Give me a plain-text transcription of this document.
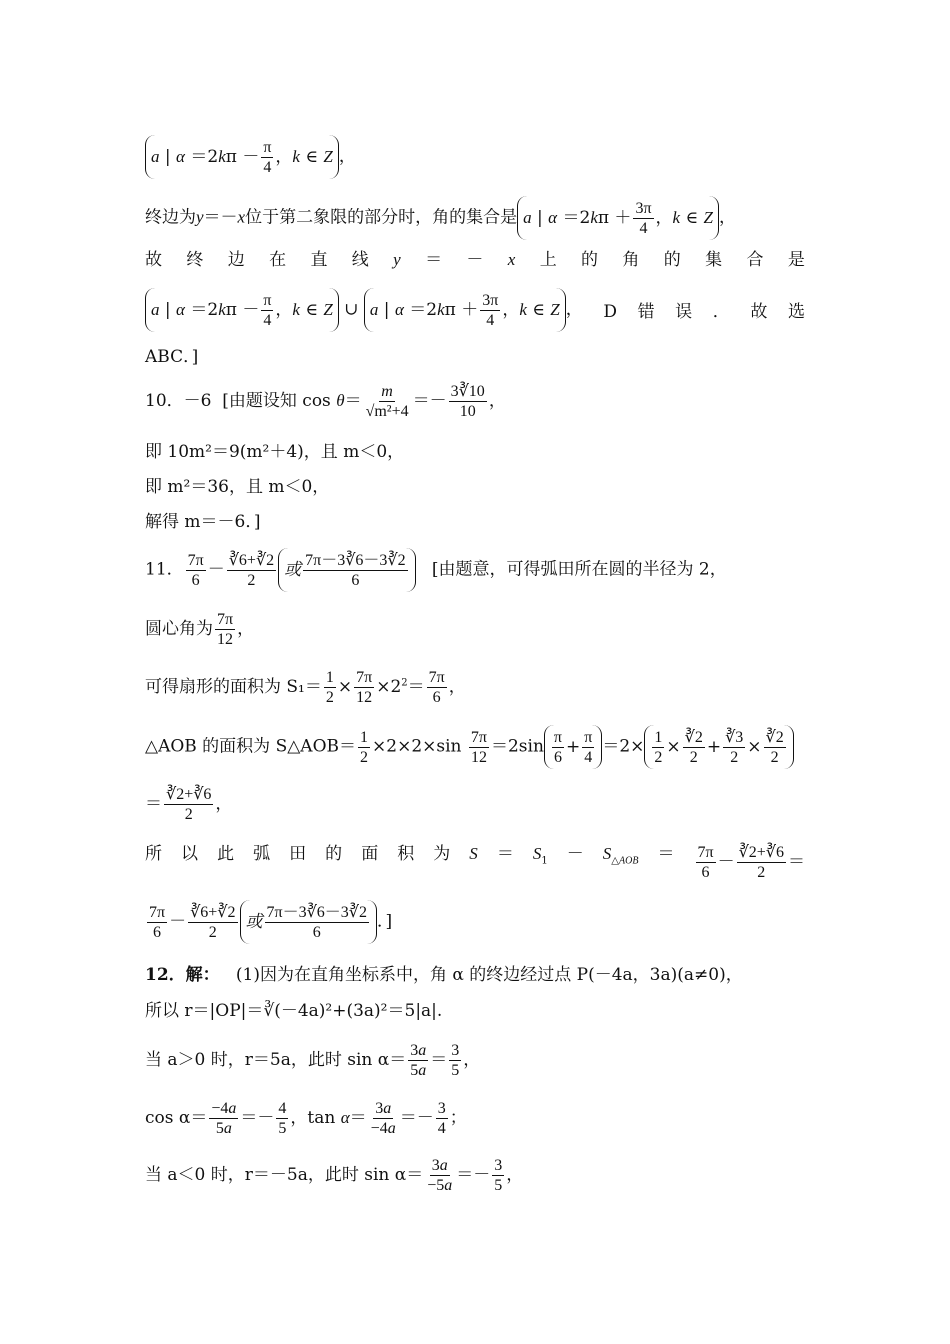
a | $\alpha =2k\pi - \frac{\pi}{4}$ ，k ∈ Z ，
终边为y＝－x位于第二象限的部分时，角的集合是 a | $\alpha =2k\pi + \frac{3\pi}{4}$ ，k ∈ Z ，
故 终 边 在 直 线 y ＝ － x 上 的 角 的 集 合 是
a | $\alpha =2k\pi - \frac{\pi}{4}$ ，k ∈ Z ∪ a | $\alpha =2k\pi + \frac{3\pi}{4}$ ，k ∈ Z ， D 错 误 ． 故 选
ABC．]
10．－6 [由题设知 $\cos \theta= \frac{m}{\text{√m²+4}} =- \frac{3∛10}{10}$ ，
即 10m²＝9(m²＋4)，且 m＜0，
即 m²＝36，且 m＜0，
解得 m＝－6．]
11． $\frac{7\pi}{6} - \frac{∛6+∛2}{2}$ 或 $\frac{7\pi-3∛6-3∛2}{6}$ [由题意，可得弧田所在圆的半径为 2，
圆心角为 $\frac{7\pi}{12}$ ，
可得扇形的面积为 $S_1= \frac{1}{2} \times \frac{7\pi}{12} \times 2^2= \frac{7\pi}{6}$ ，
△AOB 的面积为 S△AOB＝ $\frac{1}{2} \times 2\times 2\times\sin \frac{7\pi}{12} =2\sin \frac{\pi}{6} + \frac{\pi}{4} =2\times \frac{1}{2} \times \frac{∛2}{2} + \frac{∛3}{2} \times \frac{∛2}{2}$
＝ $\frac{∛2+∛6}{2}$ ，
所 以 此 弧 田 的 面 积 为 $S = S_1 - S_{\triangle AOB} = \frac{7\pi}{6} - \frac{∛2+∛6}{2}$ ＝
$\frac{7\pi}{6} - \frac{∛6+∛2}{2}$ 或 $\frac{7\pi-3∛6-3∛2}{6}$ ．]
12．解： (1)因为在直角坐标系中，角 α 的终边经过点 P(－4a，3a)(a≠0)，
所以 r＝|OP|＝∛(－4a)²+(3a)²＝5|a|.
当 a＞0 时，r＝5a，此时 $\sin \alpha= \frac{3a}{5a} = \frac{3}{5}$ ，
$\cos \alpha= \frac{-4a}{5a} =- \frac{4}{5}$ ，$\tan \alpha= \frac{3a}{-4a} =- \frac{3}{4}$ ；
当 a＜0 时，r＝－5a，此时 $\sin \alpha= \frac{3a}{-5a} =- \frac{3}{5}$ ，
